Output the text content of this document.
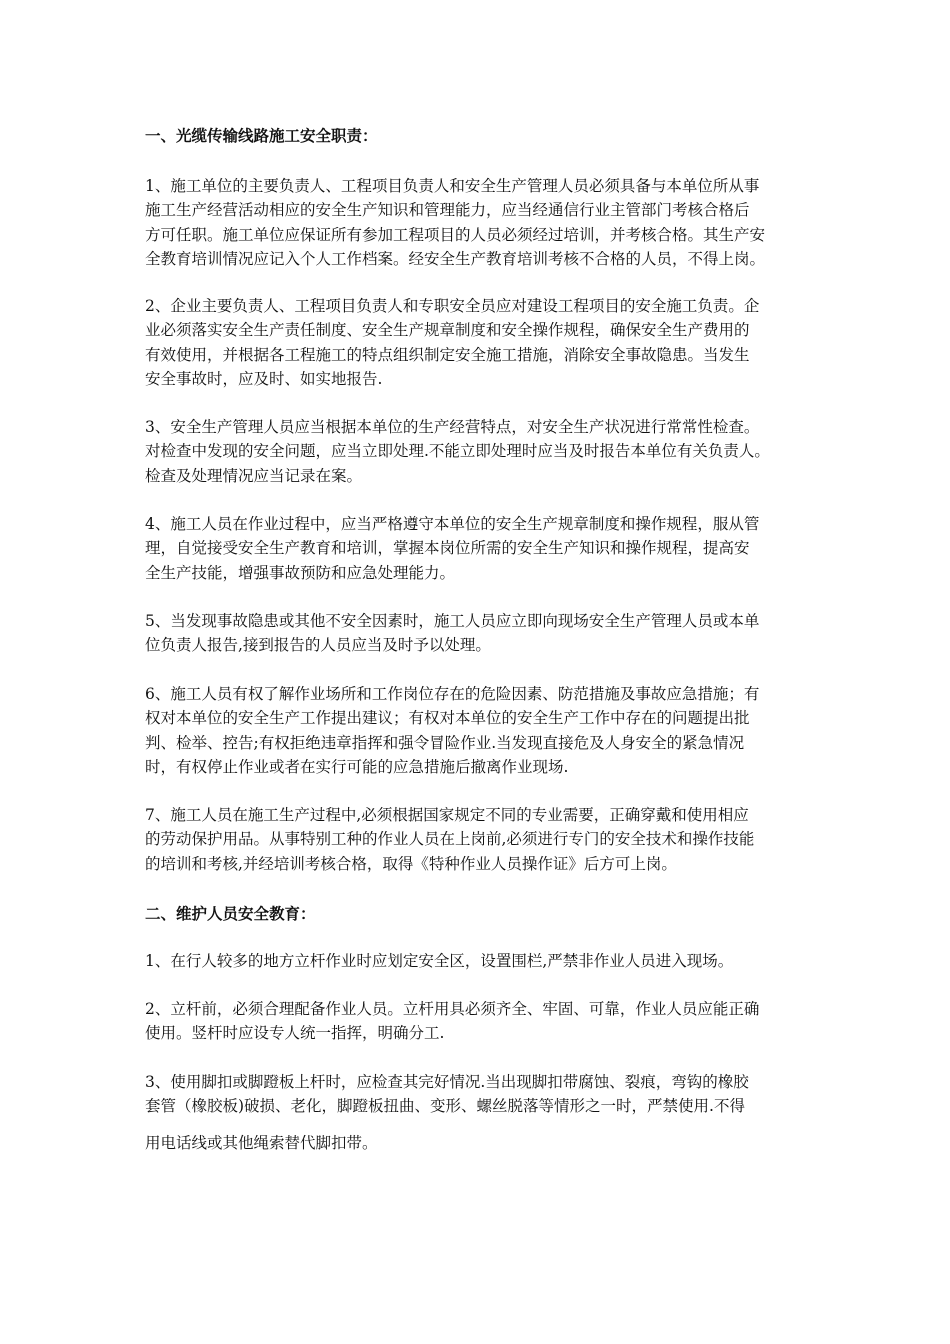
一、光缆传输线路施工安全职责：

1、施工单位的主要负责人、工程项目负责人和安全生产管理人员必须具备与本单位所从事
施工生产经营活动相应的安全生产知识和管理能力，应当经通信行业主管部门考核合格后
方可任职。施工单位应保证所有参加工程项目的人员必须经过培训，并考核合格。其生产安
全教育培训情况应记入个人工作档案。经安全生产教育培训考核不合格的人员，不得上岗。

2、企业主要负责人、工程项目负责人和专职安全员应对建设工程项目的安全施工负责。企
业必须落实安全生产责任制度、安全生产规章制度和安全操作规程，确保安全生产费用的
有效使用，并根据各工程施工的特点组织制定安全施工措施，消除安全事故隐患。当发生
安全事故时，应及时、如实地报告.

3、安全生产管理人员应当根据本单位的生产经营特点，对安全生产状况进行常常性检查。
对检查中发现的安全问题，应当立即处理.不能立即处理时应当及时报告本单位有关负责人。
检查及处理情况应当记录在案。

4、施工人员在作业过程中，应当严格遵守本单位的安全生产规章制度和操作规程，服从管
理，自觉接受安全生产教育和培训，掌握本岗位所需的安全生产知识和操作规程，提高安
全生产技能，增强事故预防和应急处理能力。

5、当发现事故隐患或其他不安全因素时，施工人员应立即向现场安全生产管理人员或本单
位负责人报告,接到报告的人员应当及时予以处理。

6、施工人员有权了解作业场所和工作岗位存在的危险因素、防范措施及事故应急措施；有
权对本单位的安全生产工作提出建议；有权对本单位的安全生产工作中存在的问题提出批
判、检举、控告;有权拒绝违章指挥和强令冒险作业.当发现直接危及人身安全的紧急情况
时，有权停止作业或者在实行可能的应急措施后撤离作业现场.

7、施工人员在施工生产过程中,必须根据国家规定不同的专业需要，正确穿戴和使用相应
的劳动保护用品。从事特别工种的作业人员在上岗前,必须进行专门的安全技术和操作技能
的培训和考核,并经培训考核合格，取得《特种作业人员操作证》后方可上岗。

二、维护人员安全教育：

1、在行人较多的地方立杆作业时应划定安全区，设置围栏,严禁非作业人员进入现场。

2、立杆前，必须合理配备作业人员。立杆用具必须齐全、牢固、可靠，作业人员应能正确
使用。竖杆时应设专人统一指挥，明确分工.

3、使用脚扣或脚蹬板上杆时，应检查其完好情况.当出现脚扣带腐蚀、裂痕，弯钩的橡胶
套管（橡胶板)破损、老化，脚蹬板扭曲、变形、螺丝脱落等情形之一时，严禁使用.不得
用电话线或其他绳索替代脚扣带。
